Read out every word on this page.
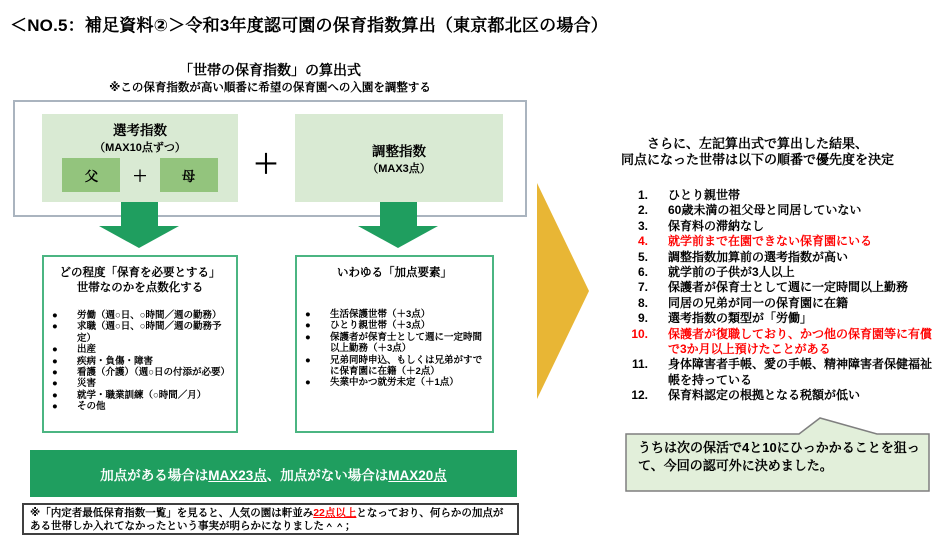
＜NO.5：補足資料②＞令和3年度認可園の保育指数算出（東京都北区の場合）
「世帯の保育指数」の算出式
※この保育指数が高い順番に希望の保育園への入園を調整する
選考指数
（MAX10点ずつ）
父	＋	母	＋	調整指数
（MAX3点）
どの程度「保育を必要とする」
世帯なのかを点数化する
●	労働（週○日、○時間／週の勤務）
●	求職（週○日、○時間／週の勤務予定）
●	出産
●	疾病・負傷・障害
●	看護（介護）（週○日の付添が必要）
●	災害
●	就学・職業訓練（○時間／月）
●	その他
いわゆる「加点要素」
●	生活保護世帯（＋3点）
●	ひとり親世帯（＋3点）
●	保護者が保育士として週に一定時間以上勤務（＋3点）
●	兄弟同時申込、もしくは兄弟がすでに保育園に在籍（＋2点）
●	失業中かつ就労未定（＋1点）
加点がある場合は MAX23点 、加点がない場合は MAX20点
※「内定者最低保育指数一覧」を見ると、人気の園は軒並み22点以上となっており、何らかの加点がある世帯しか入れてなかったという事実が明らかになりました＾＾；
さらに、左記算出式で算出した結果、
同点になった世帯は以下の順番で優先度を決定
1. ひとり親世帯
2. 60歳未満の祖父母と同居していない
3. 保育料の滞納なし
4. 就学前まで在園できない保育園にいる
5. 調整指数加算前の選考指数が高い
6. 就学前の子供が3人以上
7. 保護者が保育士として週に一定時間以上勤務
8. 同居の兄弟が同一の保育園に在籍
9. 選考指数の類型が「労働」
10. 保護者が復職しており、かつ他の保育園等に有償で3か月以上預けたことがある
11. 身体障害者手帳、愛の手帳、精神障害者保健福祉帳を持っている
12. 保育料認定の根拠となる税額が低い
うちは次の保活で4と10にひっかかることを狙って、今回の認可外に決めました。
